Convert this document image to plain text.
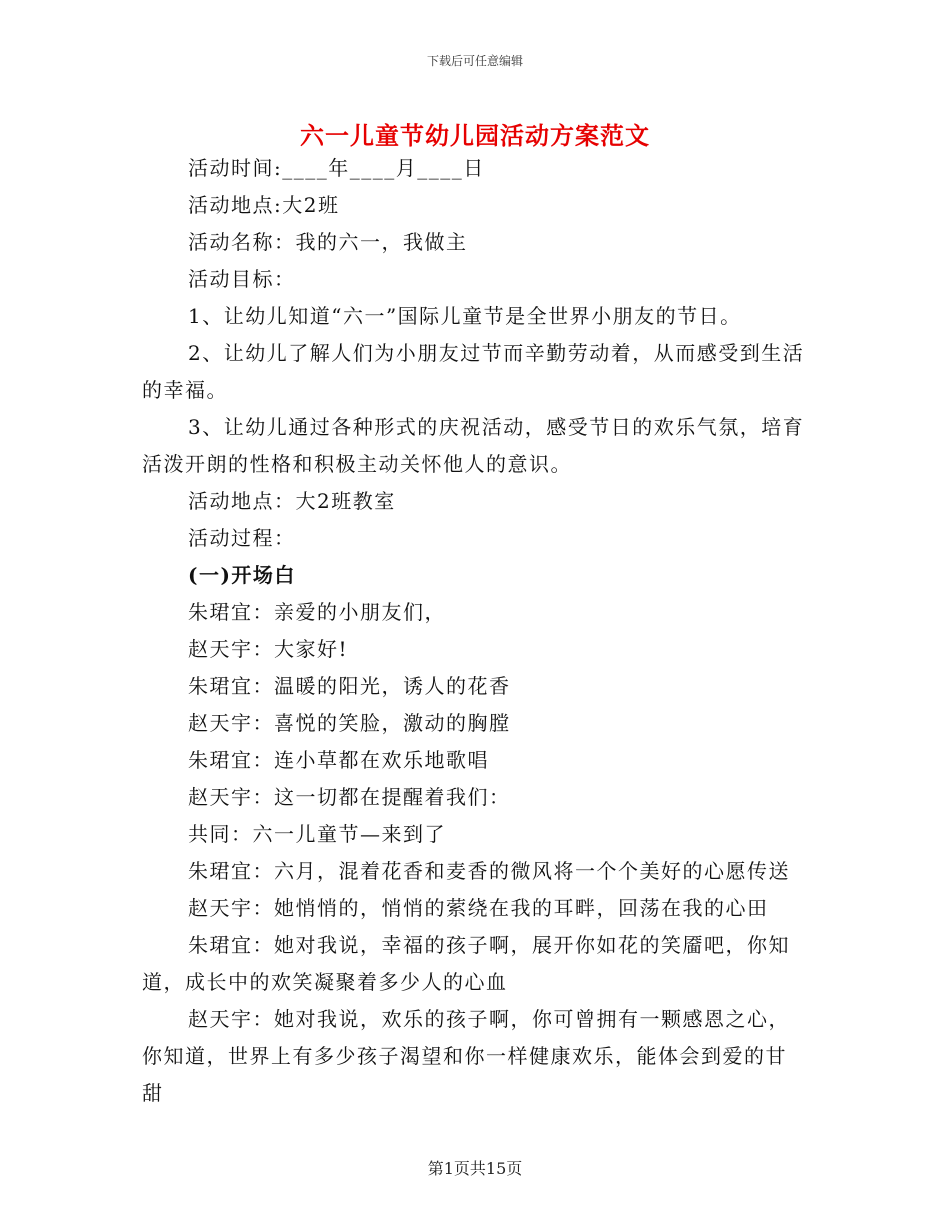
下载后可任意编辑
六一儿童节幼儿园活动方案范文

活动时间:____年____月____日

活动地点:大2班

活动名称：我的六一，我做主

活动目标：

1、让幼儿知道“六一”国际儿童节是全世界小朋友的节日。

2、让幼儿了解人们为小朋友过节而辛勤劳动着，从而感受到生活的幸福。

3、让幼儿通过各种形式的庆祝活动，感受节日的欢乐气氛，培育活泼开朗的性格和积极主动关怀他人的意识。

活动地点：大2班教室

活动过程：

(一)开场白

朱珺宜：亲爱的小朋友们，

赵天宇：大家好!

朱珺宜：温暖的阳光，诱人的花香

赵天宇：喜悦的笑脸，激动的胸膛

朱珺宜：连小草都在欢乐地歌唱

赵天宇：这一切都在提醒着我们：

共同：六一儿童节—来到了

朱珺宜：六月，混着花香和麦香的微风将一个个美好的心愿传送

赵天宇：她悄悄的，悄悄的萦绕在我的耳畔，回荡在我的心田

朱珺宜：她对我说，幸福的孩子啊，展开你如花的笑靥吧，你知道，成长中的欢笑凝聚着多少人的心血

赵天宇：她对我说，欢乐的孩子啊，你可曾拥有一颗感恩之心，你知道，世界上有多少孩子渴望和你一样健康欢乐，能体会到爱的甘甜

第1页共15页
